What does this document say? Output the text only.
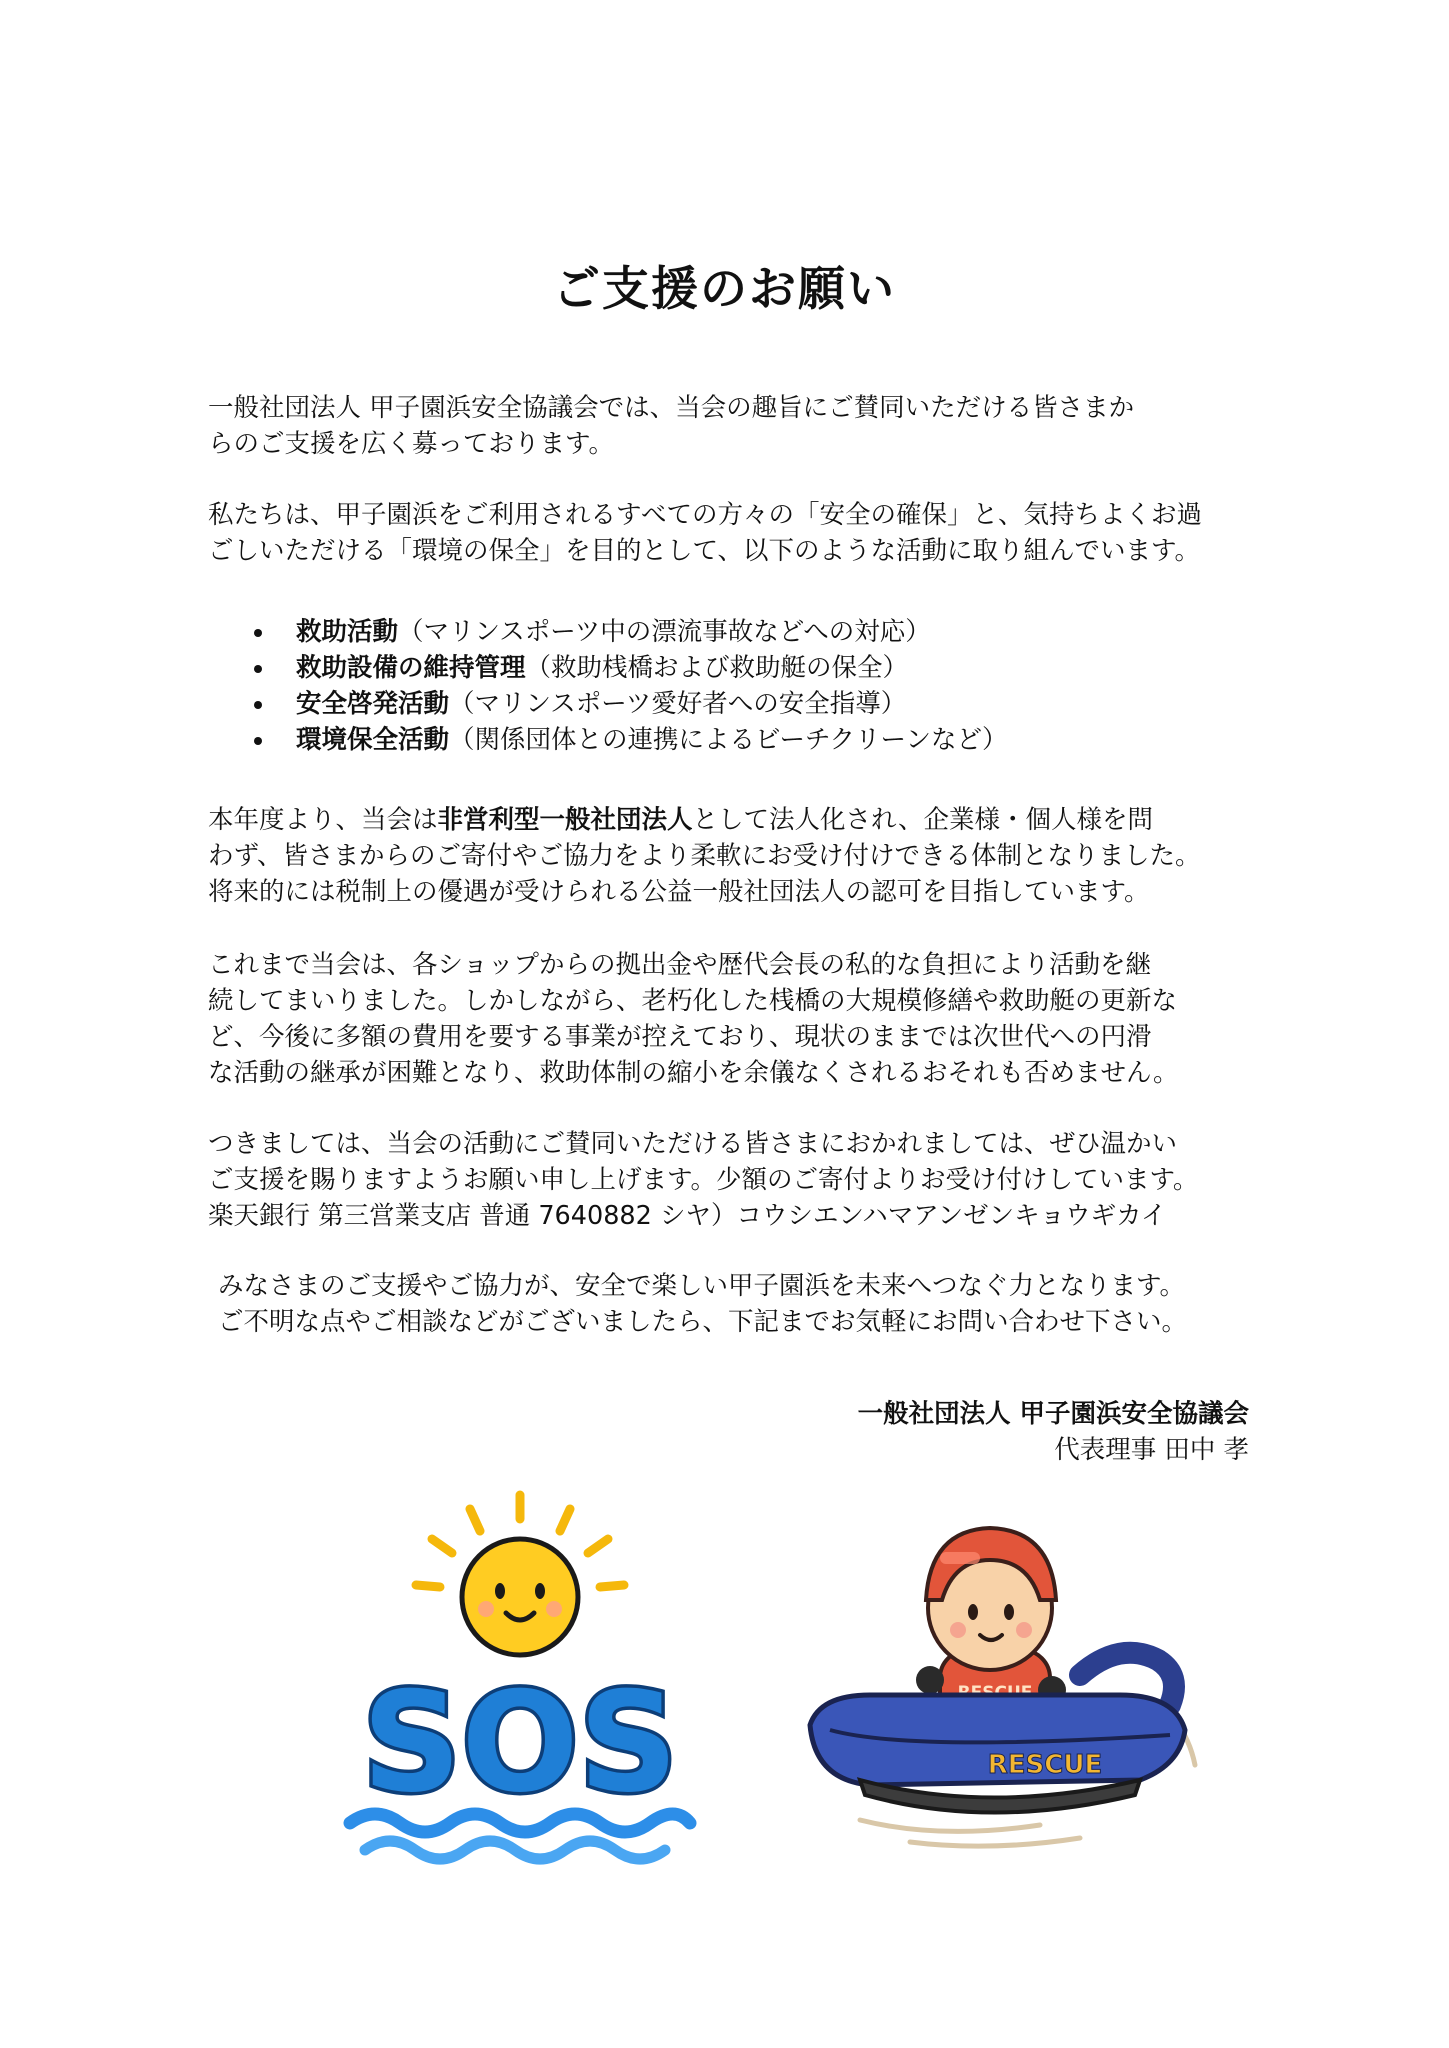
ご支援のお願い
一般社団法人 甲子園浜安全協議会では、当会の趣旨にご賛同いただける皆さまか
らのご支援を広く募っております。
私たちは、甲子園浜をご利用されるすべての方々の「安全の確保」と、気持ちよくお過
ごしいただける「環境の保全」を目的として、以下のような活動に取り組んでいます。
救助活動（マリンスポーツ中の漂流事故などへの対応）
救助設備の維持管理（救助桟橋および救助艇の保全）
安全啓発活動（マリンスポーツ愛好者への安全指導）
環境保全活動（関係団体との連携によるビーチクリーンなど）
本年度より、当会は非営利型一般社団法人として法人化され、企業様・個人様を問
わず、皆さまからのご寄付やご協力をより柔軟にお受け付けできる体制となりました。
将来的には税制上の優遇が受けられる公益一般社団法人の認可を目指しています。
これまで当会は、各ショップからの拠出金や歴代会長の私的な負担により活動を継
続してまいりました。しかしながら、老朽化した桟橋の大規模修繕や救助艇の更新な
ど、今後に多額の費用を要する事業が控えており、現状のままでは次世代への円滑
な活動の継承が困難となり、救助体制の縮小を余儀なくされるおそれも否めません。
つきましては、当会の活動にご賛同いただける皆さまにおかれましては、ぜひ温かい
ご支援を賜りますようお願い申し上げます。少額のご寄付よりお受け付けしています。
楽天銀行 第三営業支店 普通 7640882 シヤ）コウシエンハマアンゼンキョウギカイ
みなさまのご支援やご協力が、安全で楽しい甲子園浜を未来へつなぐ力となります。
ご不明な点やご相談などがございましたら、下記までお気軽にお問い合わせ下さい。
一般社団法人 甲子園浜安全協議会
代表理事 田中 孝
SOS	RESCUE
